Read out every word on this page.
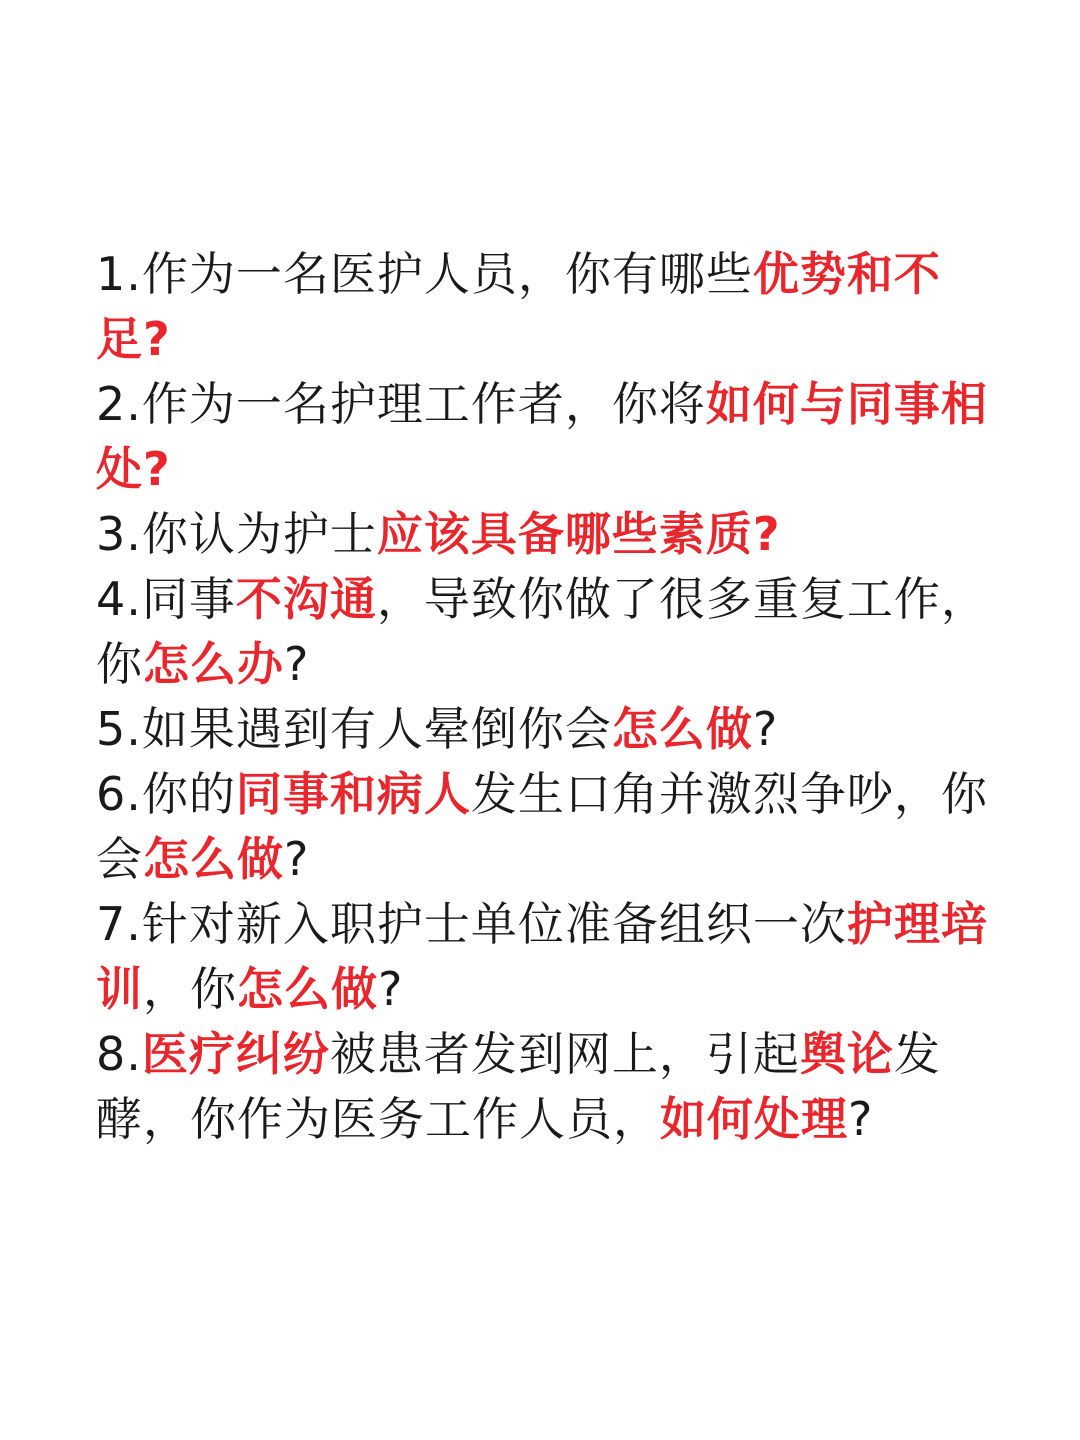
1.作为一名医护人员，你有哪些优势和不足?
2.作为一名护理工作者，你将如何与同事相处?
3.你认为护士应该具备哪些素质?
4.同事不沟通，导致你做了很多重复工作，你怎么办?
5.如果遇到有人晕倒你会怎么做?
6.你的同事和病人发生口角并激烈争吵，你会怎么做?
7.针对新入职护士单位准备组织一次护理培训，你怎么做?
8.医疗纠纷被患者发到网上，引起舆论发酵，你作为医务工作人员，如何处理?
